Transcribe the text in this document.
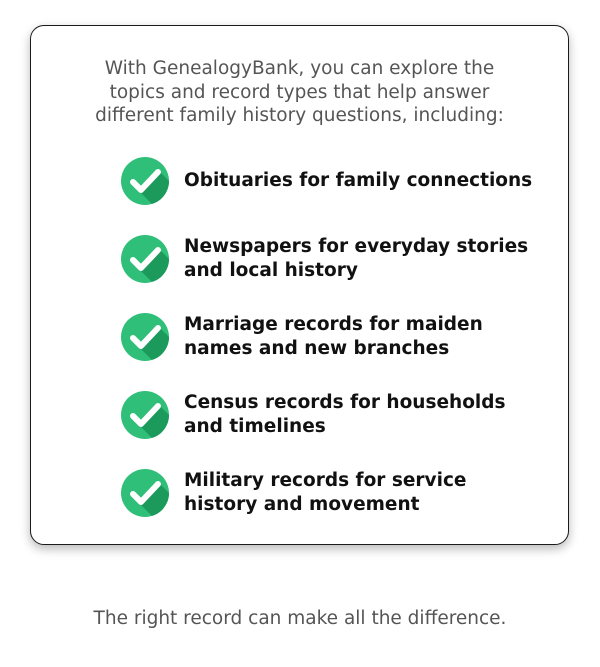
With GenealogyBank, you can explore the
topics and record types that help answer
different family history questions, including:
Obituaries for family connections
Newspapers for everyday stories
and local history
Marriage records for maiden
names and new branches
Census records for households
and timelines
Military records for service
history and movement
The right record can make all the difference.
